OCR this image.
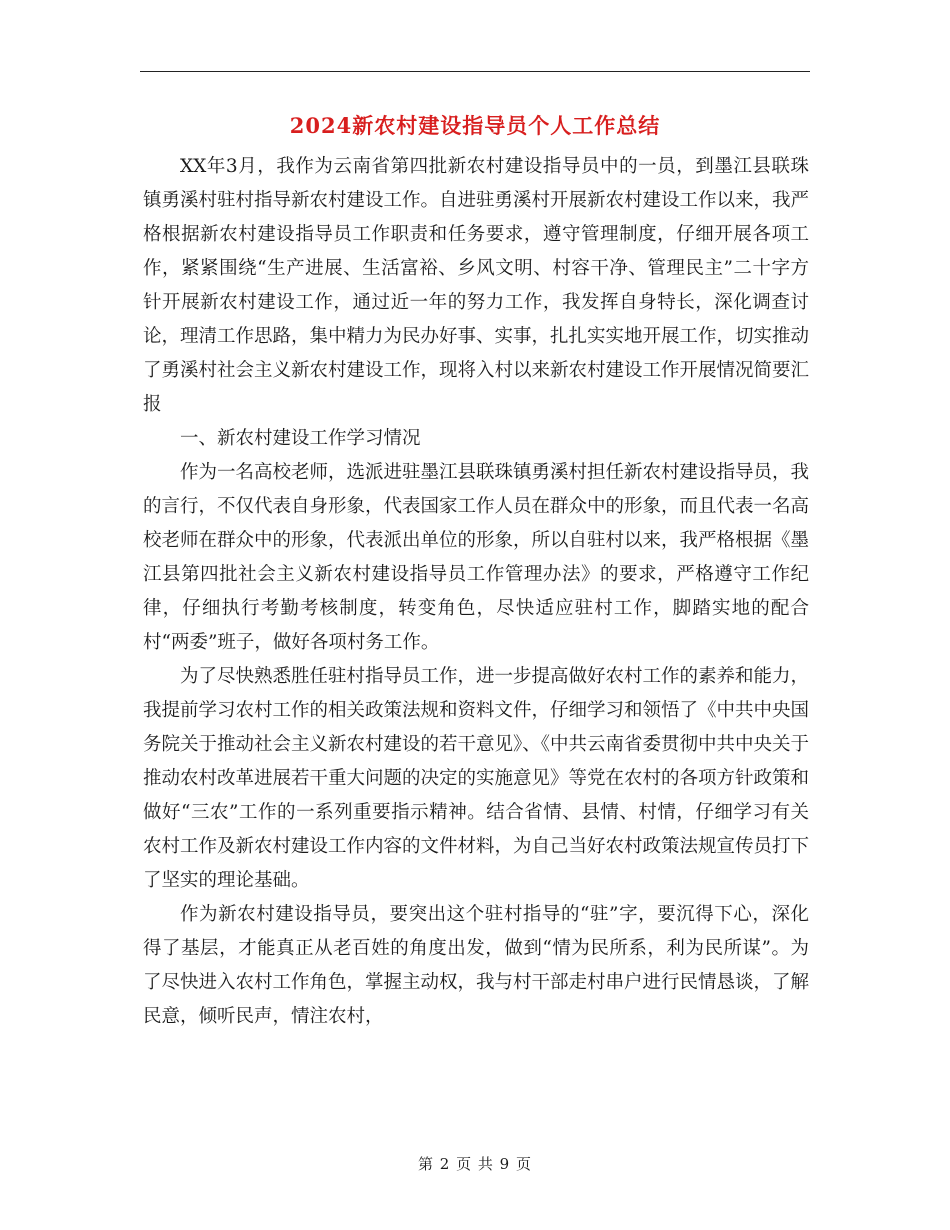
2024新农村建设指导员个人工作总结

XX年3月，我作为云南省第四批新农村建设指导员中的一员，到墨江县联珠镇勇溪村驻村指导新农村建设工作。自进驻勇溪村开展新农村建设工作以来，我严格根据新农村建设指导员工作职责和任务要求，遵守管理制度，仔细开展各项工作，紧紧围绕“生产进展、生活富裕、乡风文明、村容干净、管理民主”二十字方针开展新农村建设工作，通过近一年的努力工作，我发挥自身特长，深化调查讨论，理清工作思路，集中精力为民办好事、实事，扎扎实实地开展工作，切实推动了勇溪村社会主义新农村建设工作，现将入村以来新农村建设工作开展情况简要汇报

一、新农村建设工作学习情况

作为一名高校老师，选派进驻墨江县联珠镇勇溪村担任新农村建设指导员，我的言行，不仅代表自身形象，代表国家工作人员在群众中的形象，而且代表一名高校老师在群众中的形象，代表派出单位的形象，所以自驻村以来，我严格根据《墨江县第四批社会主义新农村建设指导员工作管理办法》的要求，严格遵守工作纪律，仔细执行考勤考核制度，转变角色，尽快适应驻村工作，脚踏实地的配合村“两委”班子，做好各项村务工作。

为了尽快熟悉胜任驻村指导员工作，进一步提高做好农村工作的素养和能力，我提前学习农村工作的相关政策法规和资料文件，仔细学习和领悟了《中共中央国务院关于推动社会主义新农村建设的若干意见》、《中共云南省委贯彻中共中央关于推动农村改革进展若干重大问题的决定的实施意见》等党在农村的各项方针政策和做好“三农”工作的一系列重要指示精神。结合省情、县情、村情，仔细学习有关农村工作及新农村建设工作内容的文件材料，为自己当好农村政策法规宣传员打下了坚实的理论基础。

作为新农村建设指导员，要突出这个驻村指导的“驻”字，要沉得下心，深化得了基层，才能真正从老百姓的角度出发，做到“情为民所系，利为民所谋”。为了尽快进入农村工作角色，掌握主动权，我与村干部走村串户进行民情恳谈，了解民意，倾听民声，情注农村，

第 2 页 共 9 页
